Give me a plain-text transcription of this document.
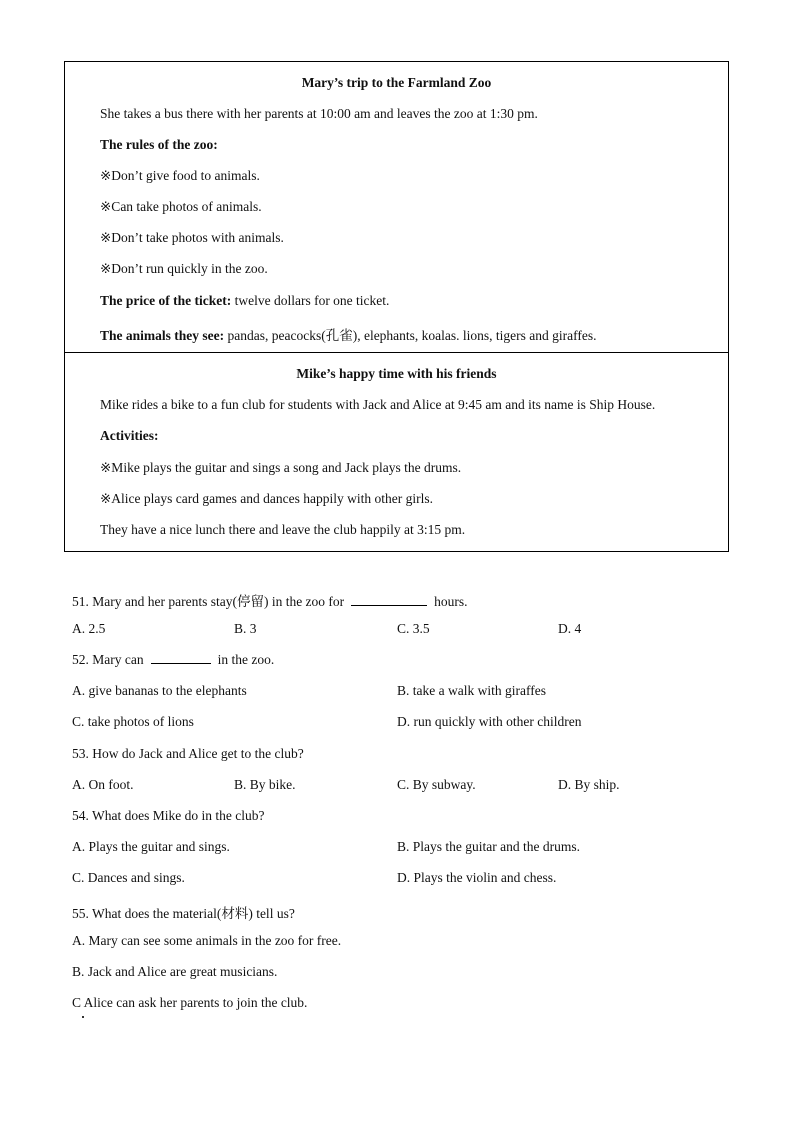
Mary’s trip to the Farmland Zoo
She takes a bus there with her parents at 10:00 am and leaves the zoo at 1:30 pm.
The rules of the zoo:
※Don’t give food to animals.
※Can take photos of animals.
※Don’t take photos with animals.
※Don’t run quickly in the zoo.
The price of the ticket: twelve dollars for one ticket.
The animals they see: pandas, peacocks(孔雀), elephants, koalas. lions, tigers and giraffes.
Mike’s happy time with his friends
Mike rides a bike to a fun club for students with Jack and Alice at 9:45 am and its name is Ship House.
Activities:
※Mike plays the guitar and sings a song and Jack plays the drums.
※Alice plays card games and dances happily with other girls.
They have a nice lunch there and leave the club happily at 3:15 pm.
51. Mary and her parents stay(停留) in the zoo for	hours.
A. 2.5	B. 3	C. 3.5	D. 4
52. Mary can	in the zoo.
A. give bananas to the elephants	B. take a walk with giraffes
C. take photos of lions	D. run quickly with other children
53. How do Jack and Alice get to the club?
A. On foot.	B. By bike.	C. By subway.	D. By ship.
54. What does Mike do in the club?
A. Plays the guitar and sings.	B. Plays the guitar and the drums.
C. Dances and sings.	D. Plays the violin and chess.
55. What does the material(材料) tell us?
A. Mary can see some animals in the zoo for free.
B. Jack and Alice are great musicians.
C Alice can ask her parents to join the club.
